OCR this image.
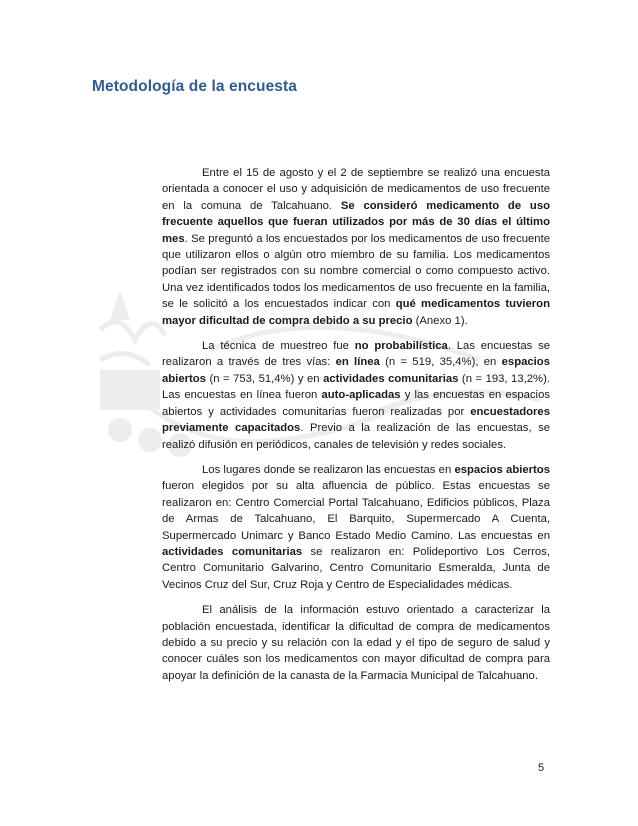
Metodología de la encuesta

Entre el 15 de agosto y el 2 de septiembre se realizó una encuesta orientada a conocer el uso y adquisición de medicamentos de uso frecuente en la comuna de Talcahuano. Se consideró medicamento de uso frecuente aquellos que fueran utilizados por más de 30 días el último mes. Se preguntó a los encuestados por los medicamentos de uso frecuente que utilizaron ellos o algún otro miembro de su familia. Los medicamentos podían ser registrados con su nombre comercial o como compuesto activo. Una vez identificados todos los medicamentos de uso frecuente en la familia, se le solicitó a los encuestados indicar con qué medicamentos tuvieron mayor dificultad de compra debido a su precio (Anexo 1).

La técnica de muestreo fue no probabilística. Las encuestas se realizaron a través de tres vías: en línea (n = 519, 35,4%), en espacios abiertos (n = 753, 51,4%) y en actividades comunitarias (n = 193, 13,2%). Las encuestas en línea fueron auto-aplicadas y las encuestas en espacios abiertos y actividades comunitarias fueron realizadas por encuestadores previamente capacitados. Previo a la realización de las encuestas, se realizó difusión en periódicos, canales de televisión y redes sociales.

Los lugares donde se realizaron las encuestas en espacios abiertos fueron elegidos por su alta afluencia de público. Estas encuestas se realizaron en: Centro Comercial Portal Talcahuano, Edificios públicos, Plaza de Armas de Talcahuano, El Barquito, Supermercado A Cuenta, Supermercado Unimarc y Banco Estado Medio Camino. Las encuestas en actividades comunitarias se realizaron en: Polideportivo Los Cerros, Centro Comunitario Galvarino, Centro Comunitario Esmeralda, Junta de Vecinos Cruz del Sur, Cruz Roja y Centro de Especialidades médicas.

El análisis de la información estuvo orientado a caracterizar la población encuestada, identificar la dificultad de compra de medicamentos debido a su precio y su relación con la edad y el tipo de seguro de salud y conocer cuáles son los medicamentos con mayor dificultad de compra para apoyar la definición de la canasta de la Farmacia Municipal de Talcahuano.

5
